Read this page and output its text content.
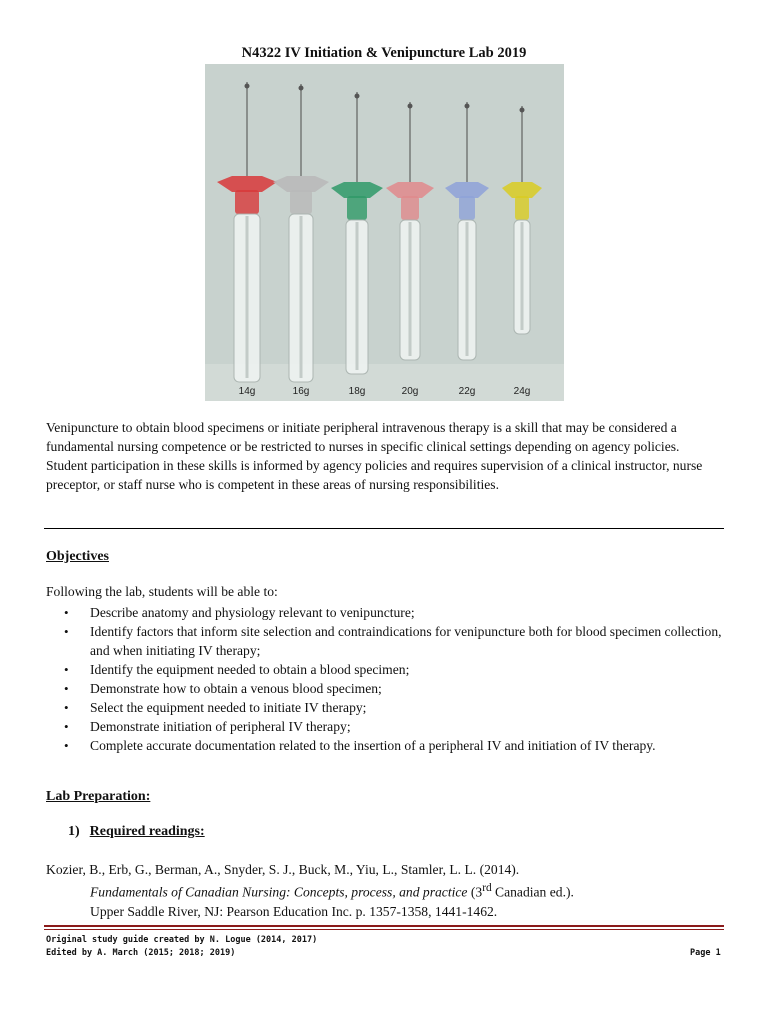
N4322 IV Initiation & Venipuncture Lab 2019
14g	16g	18g	20g	22g	24g
Venipuncture to obtain blood specimens or initiate peripheral intravenous therapy is a skill that may be considered a fundamental nursing competence or be restricted to nurses in specific clinical settings depending on agency policies. Student participation in these skills is informed by agency policies and requires supervision of a clinical instructor, nurse preceptor, or staff nurse who is competent in these areas of nursing responsibilities.
Objectives
Following the lab, students will be able to:
• Describe anatomy and physiology relevant to venipuncture;
• Identify factors that inform site selection and contraindications for venipuncture both for blood specimen collection, and when initiating IV therapy;
• Identify the equipment needed to obtain a blood specimen;
• Demonstrate how to obtain a venous blood specimen;
• Select the equipment needed to initiate IV therapy;
• Demonstrate initiation of peripheral IV therapy;
• Complete accurate documentation related to the insertion of a peripheral IV and initiation of IV therapy.
Lab Preparation:
1) Required readings:
Kozier, B., Erb, G., Berman, A., Snyder, S. J., Buck, M., Yiu, L., Stamler, L. L. (2014).
Fundamentals of Canadian Nursing: Concepts, process, and practice (3rd Canadian ed.).
Upper Saddle River, NJ: Pearson Education Inc. p. 1357-1358, 1441-1462.
Original study guide created by N. Logue (2014, 2017)
Edited by A. March (2015; 2018; 2019)	Page 1
